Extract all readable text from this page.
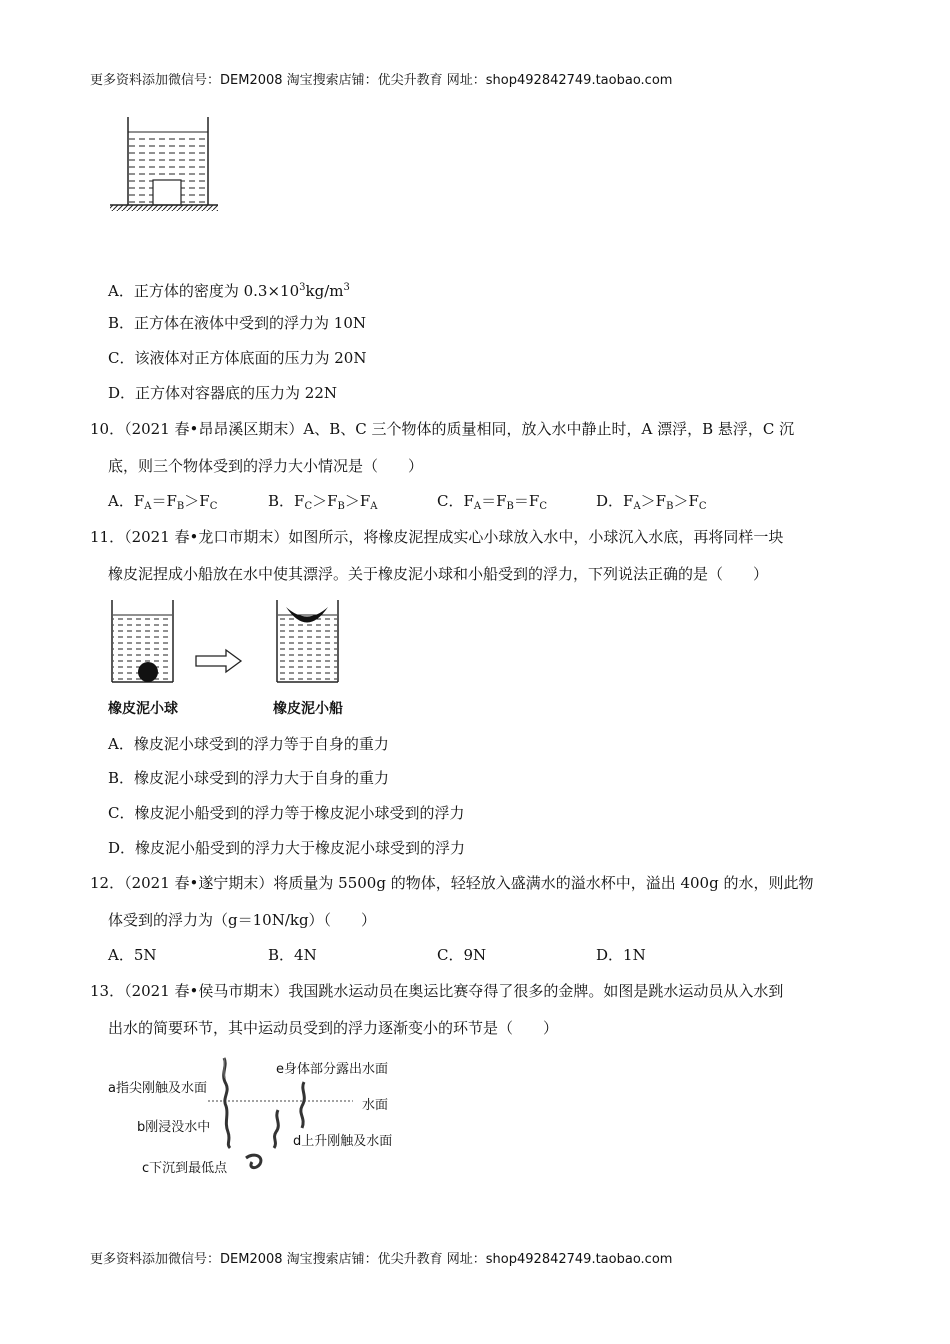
更多资料添加微信号：DEM2008 淘宝搜索店铺：优尖升教育 网址：shop492842749.taobao.com
A．正方体的密度为 $0.3\times 10^3kg/m^3$
B．正方体在液体中受到的浮力为 10N
C．该液体对正方体底面的压力为 20N
D．正方体对容器底的压力为 22N
10．（2021 春•昂昂溪区期末）A、B、C 三个物体的质量相同，放入水中静止时，A 漂浮，B 悬浮，C 沉
底，则三个物体受到的浮力大小情况是（　　）
A．$F_A=F_B>F_C$	B．$F_C>F_B>F_A$	C．$F_A=F_B=F_C$	D．$F_A>F_B>F_C$
11．（2021 春•龙口市期末）如图所示，将橡皮泥捏成实心小球放入水中，小球沉入水底，再将同样一块
橡皮泥捏成小船放在水中使其漂浮。关于橡皮泥小球和小船受到的浮力，下列说法正确的是（　　）
橡皮泥小球	橡皮泥小船
A．橡皮泥小球受到的浮力等于自身的重力
B．橡皮泥小球受到的浮力大于自身的重力
C．橡皮泥小船受到的浮力等于橡皮泥小球受到的浮力
D．橡皮泥小船受到的浮力大于橡皮泥小球受到的浮力
12．（2021 春•遂宁期末）将质量为 5500g 的物体，轻轻放入盛满水的溢水杯中，溢出 400g 的水，则此物
体受到的浮力为（g＝10N/kg）（　　）
A．5N	B．4N	C．9N	D．1N
13．（2021 春•侯马市期末）我国跳水运动员在奥运比赛夺得了很多的金牌。如图是跳水运动员从入水到
出水的简要环节，其中运动员受到的浮力逐渐变小的环节是（　　）
a指尖刚触及水面
e身体部分露出水面
水面
b刚浸没水中
d上升刚触及水面
c下沉到最低点
更多资料添加微信号：DEM2008 淘宝搜索店铺：优尖升教育 网址：shop492842749.taobao.com
